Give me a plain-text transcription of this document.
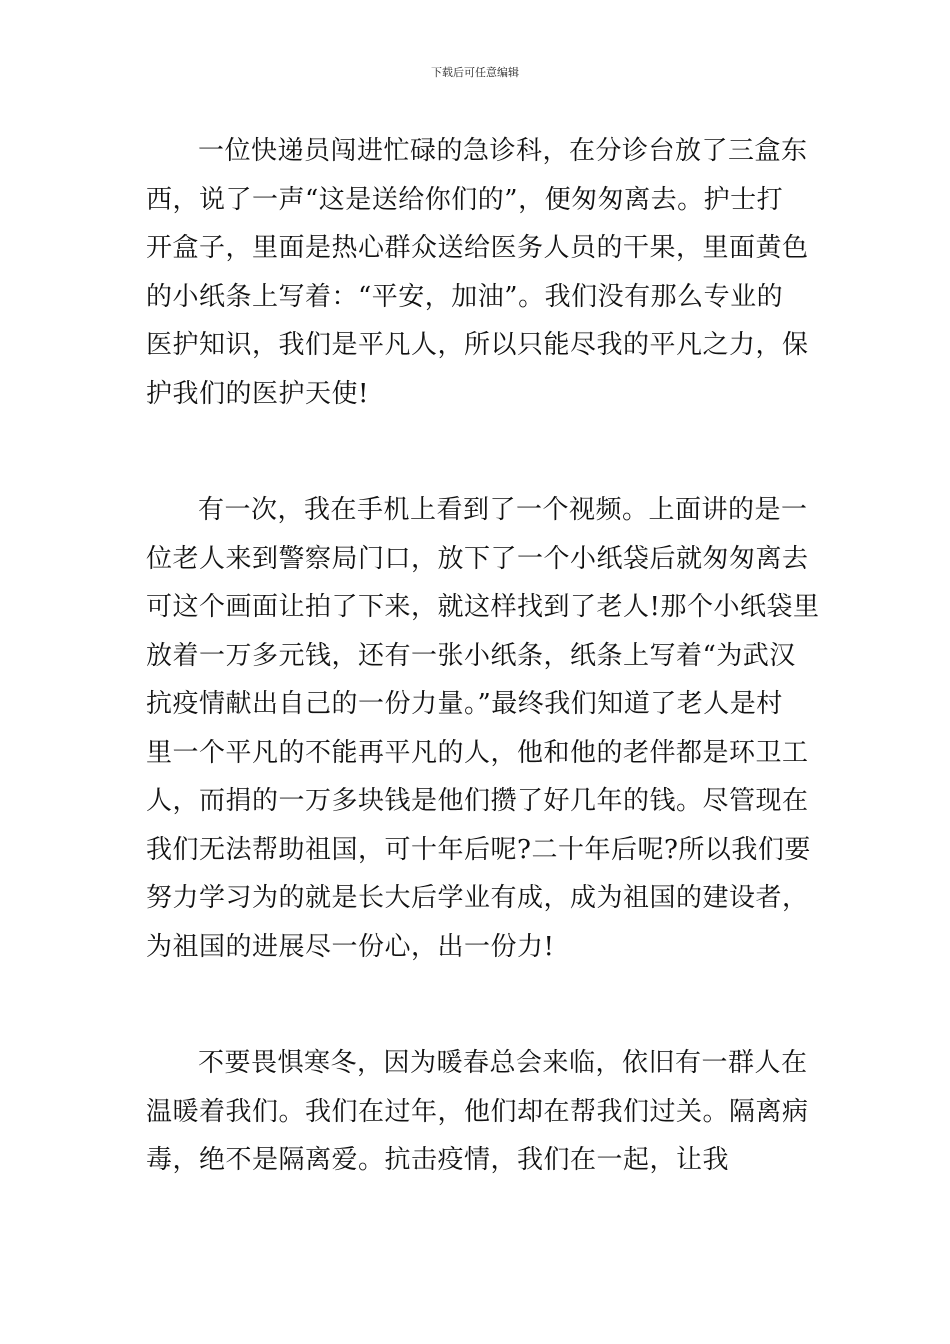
下载后可任意编辑

一位快递员闯进忙碌的急诊科，在分诊台放了三盒东
西，说了一声“这是送给你们的”，便匆匆离去。护士打
开盒子，里面是热心群众送给医务人员的干果，里面黄色
的小纸条上写着：“平安，加油”。我们没有那么专业的
医护知识，我们是平凡人，所以只能尽我的平凡之力，保
护我们的医护天使!

有一次，我在手机上看到了一个视频。上面讲的是一
位老人来到警察局门口，放下了一个小纸袋后就匆匆离去
可这个画面让拍了下来，就这样找到了老人!那个小纸袋里
放着一万多元钱，还有一张小纸条，纸条上写着“为武汉
抗疫情献出自己的一份力量。”最终我们知道了老人是村
里一个平凡的不能再平凡的人，他和他的老伴都是环卫工
人，而捐的一万多块钱是他们攒了好几年的钱。尽管现在
我们无法帮助祖国，可十年后呢?二十年后呢?所以我们要
努力学习为的就是长大后学业有成，成为祖国的建设者，
为祖国的进展尽一份心，出一份力!

不要畏惧寒冬，因为暖春总会来临，依旧有一群人在
温暖着我们。我们在过年，他们却在帮我们过关。隔离病
毒，绝不是隔离爱。抗击疫情，我们在一起，让我
